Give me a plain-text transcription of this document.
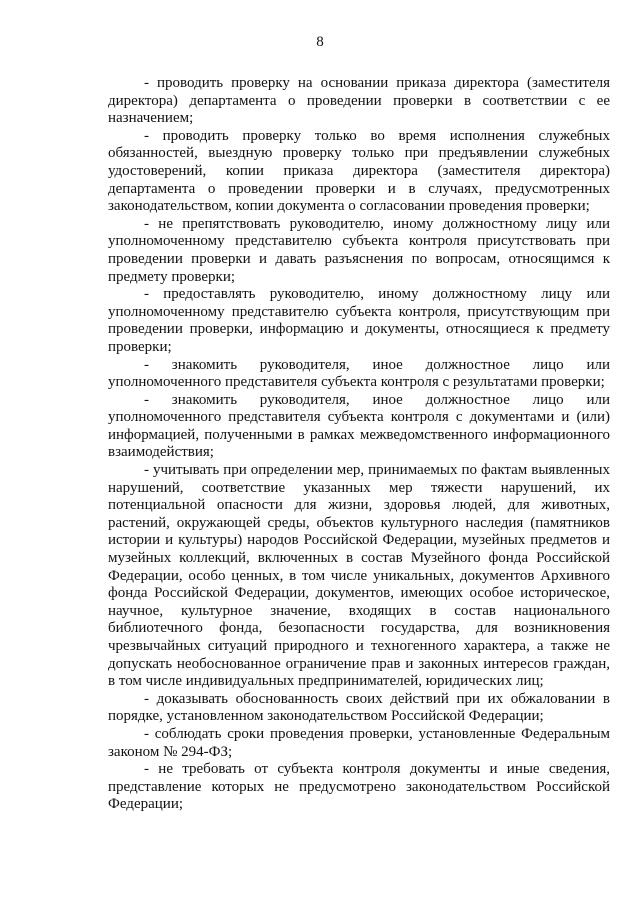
8

- проводить проверку на основании приказа директора (заместителя директора) департамента о проведении проверки в соответствии с ее назначением;

- проводить проверку только во время исполнения служебных обязанностей, выездную проверку только при предъявлении служебных удостоверений, копии приказа директора (заместителя директора) департамента о проведении проверки и в случаях, предусмотренных законодательством, копии документа о согласовании проведения проверки;

- не препятствовать руководителю, иному должностному лицу или уполномоченному представителю субъекта контроля присутствовать при проведении проверки и давать разъяснения по вопросам, относящимся к предмету проверки;

- предоставлять руководителю, иному должностному лицу или уполномоченному представителю субъекта контроля, присутствующим при проведении проверки, информацию и документы, относящиеся к предмету проверки;

- знакомить руководителя, иное должностное лицо или уполномоченного представителя субъекта контроля с результатами проверки;

- знакомить руководителя, иное должностное лицо или уполномоченного представителя субъекта контроля с документами и (или) информацией, полученными в рамках межведомственного информационного взаимодействия;

- учитывать при определении мер, принимаемых по фактам выявленных нарушений, соответствие указанных мер тяжести нарушений, их потенциальной опасности для жизни, здоровья людей, для животных, растений, окружающей среды, объектов культурного наследия (памятников истории и культуры) народов Российской Федерации, музейных предметов и музейных коллекций, включенных в состав Музейного фонда Российской Федерации, особо ценных, в том числе уникальных, документов Архивного фонда Российской Федерации, документов, имеющих особое историческое, научное, культурное значение, входящих в состав национального библиотечного фонда, безопасности государства, для возникновения чрезвычайных ситуаций природного и техногенного характера, а также не допускать необоснованное ограничение прав и законных интересов граждан, в том числе индивидуальных предпринимателей, юридических лиц;

- доказывать обоснованность своих действий при их обжаловании в порядке, установленном законодательством Российской Федерации;

- соблюдать сроки проведения проверки, установленные Федеральным законом № 294-ФЗ;

- не требовать от субъекта контроля документы и иные сведения, представление которых не предусмотрено законодательством Российской Федерации;
